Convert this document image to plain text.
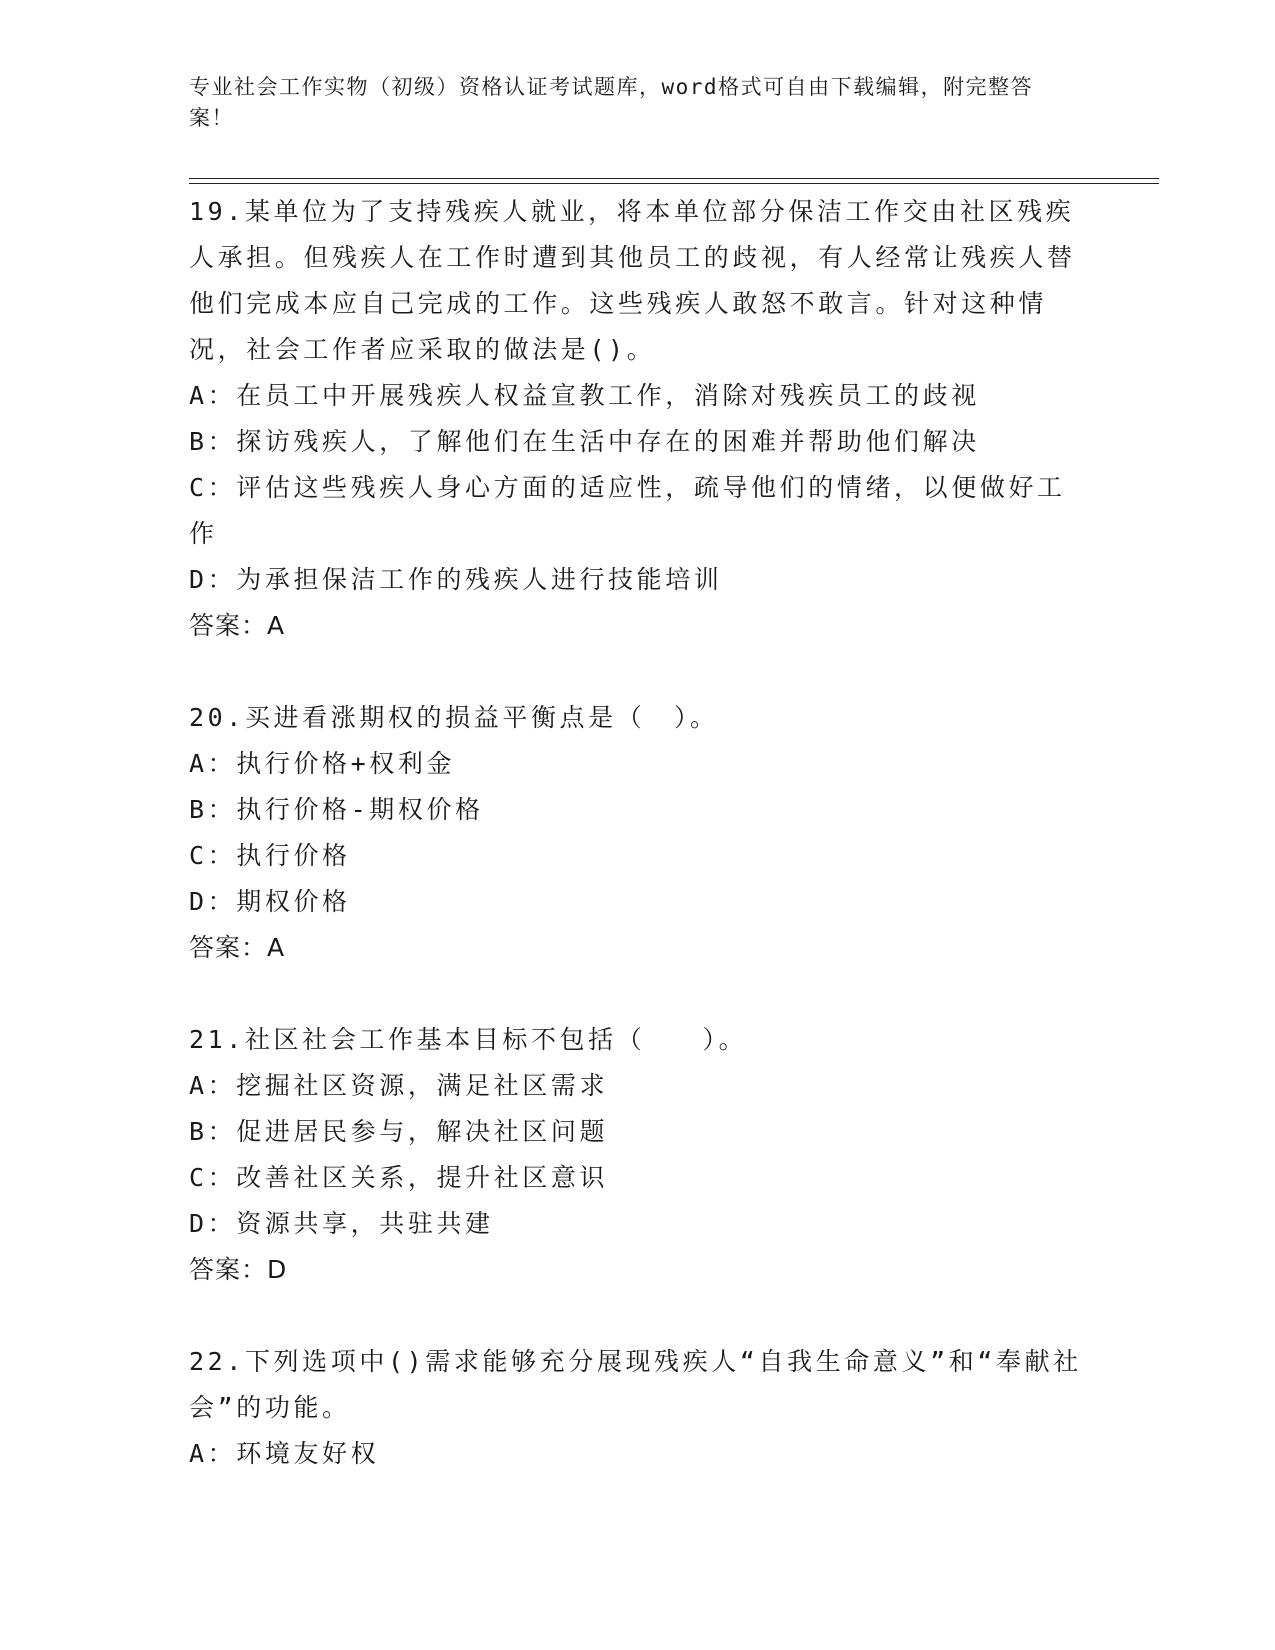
专业社会工作实物（初级）资格认证考试题库，word格式可自由下载编辑，附完整答案！

19.某单位为了支持残疾人就业，将本单位部分保洁工作交由社区残疾人承担。但残疾人在工作时遭到其他员工的歧视，有人经常让残疾人替他们完成本应自己完成的工作。这些残疾人敢怒不敢言。针对这种情况，社会工作者应采取的做法是()。

A：在员工中开展残疾人权益宣教工作，消除对残疾员工的歧视

B：探访残疾人，了解他们在生活中存在的困难并帮助他们解决

C：评估这些残疾人身心方面的适应性，疏导他们的情绪，以便做好工作

D：为承担保洁工作的残疾人进行技能培训

答案：A

20.买进看涨期权的损益平衡点是（　）。

A：执行价格+权利金

B：执行价格-期权价格

C：执行价格

D：期权价格

答案：A

21.社区社会工作基本目标不包括（　　）。

A：挖掘社区资源，满足社区需求

B：促进居民参与，解决社区问题

C：改善社区关系，提升社区意识

D：资源共享，共驻共建

答案：D

22.下列选项中()需求能够充分展现残疾人“自我生命意义”和“奉献社会”的功能。

A：环境友好权
